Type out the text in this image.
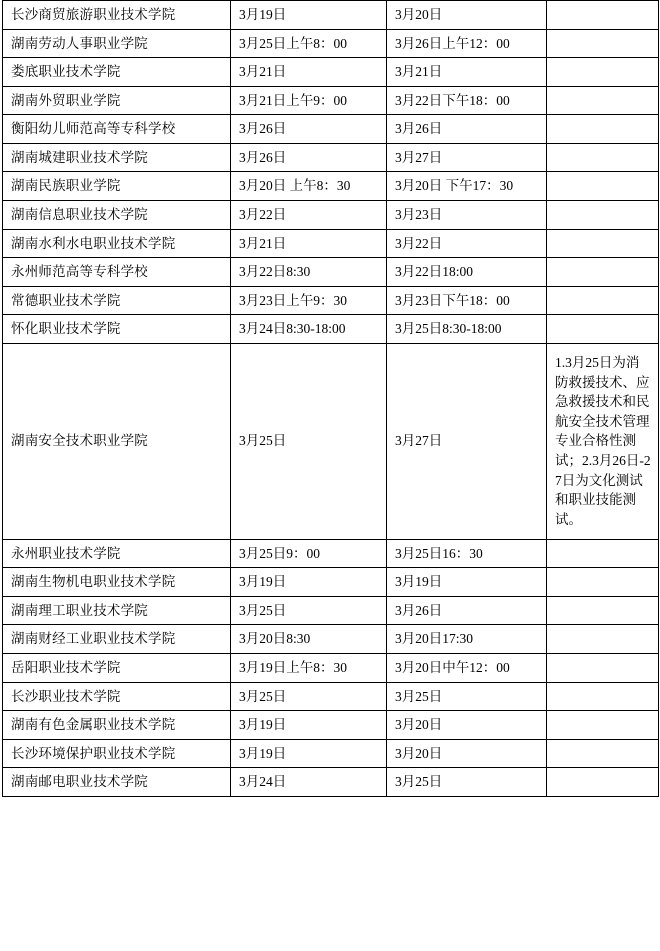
长沙商贸旅游职业技术学院	3月19日	3月20日	
湖南劳动人事职业学院	3月25日上午8：00	3月26日上午12：00	
娄底职业技术学院	3月21日	3月21日	
湖南外贸职业学院	3月21日上午9：00	3月22日下午18：00	
衡阳幼儿师范高等专科学校	3月26日	3月26日	
湖南城建职业技术学院	3月26日	3月27日	
湖南民族职业学院	3月20日 上午8：30	3月20日 下午17：30	
湖南信息职业技术学院	3月22日	3月23日	
湖南水利水电职业技术学院	3月21日	3月22日	
永州师范高等专科学校	3月22日8:30	3月22日18:00	
常德职业技术学院	3月23日上午9：30	3月23日下午18：00	
怀化职业技术学院	3月24日8:30-18:00	3月25日8:30-18:00	
湖南安全技术职业学院	3月25日	3月27日	1.3月25日为消防救援技术、应急救援技术和民航安全技术管理专业合格性测试；2.3月26日-27日为文化测试和职业技能测试。
永州职业技术学院	3月25日9：00	3月25日16：30	
湖南生物机电职业技术学院	3月19日	3月19日	
湖南理工职业技术学院	3月25日	3月26日	
湖南财经工业职业技术学院	3月20日8:30	3月20日17:30	
岳阳职业技术学院	3月19日上午8：30	3月20日中午12：00	
长沙职业技术学院	3月25日	3月25日	
湖南有色金属职业技术学院	3月19日	3月20日	
长沙环境保护职业技术学院	3月19日	3月20日	
湖南邮电职业技术学院	3月24日	3月25日	
